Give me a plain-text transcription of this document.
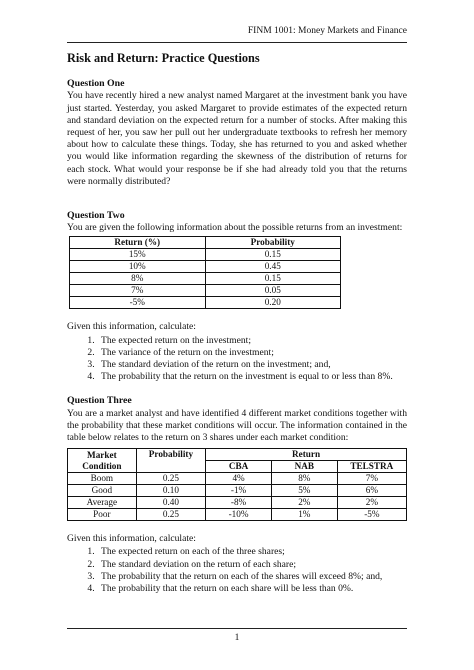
FINM 1001: Money Markets and Finance
Risk and Return: Practice Questions
Question One

You have recently hired a new analyst named Margaret at the investment bank you have just started. Yesterday, you asked Margaret to provide estimates of the expected return and standard deviation on the expected return for a number of stocks. After making this request of her, you saw her pull out her undergraduate textbooks to refresh her memory about how to calculate these things. Today, she has returned to you and asked whether you would like information regarding the skewness of the distribution of returns for each stock. What would your response be if she had already told you that the returns were normally distributed?

Question Two

You are given the following information about the possible returns from an investment:

Return (%)	Probability
15%	0.15
10%	0.45
8%	0.15
7%	0.05
-5%	0.20

Given this information, calculate:

1. The expected return on the investment;
2. The variance of the return on the investment;
3. The standard deviation of the return on the investment; and,
4. The probability that the return on the investment is equal to or less than 8%.
Question Three

You are a market analyst and have identified 4 different market conditions together with the probability that these market conditions will occur. The information contained in the table below relates to the return on 3 shares under each market condition:

Market Condition	Probability	Return		
		CBA	NAB	TELSTRA
Boom	0.25	4%	8%	7%
Good	0.10	-1%	5%	6%
Average	0.40	-8%	2%	2%
Poor	0.25	-10%	1%	-5%

Given this information, calculate:

1. The expected return on each of the three shares;
2. The standard deviation on the return of each share;
3. The probability that the return on each of the shares will exceed 8%; and,
4. The probability that the return on each share will be less than 0%.
1
